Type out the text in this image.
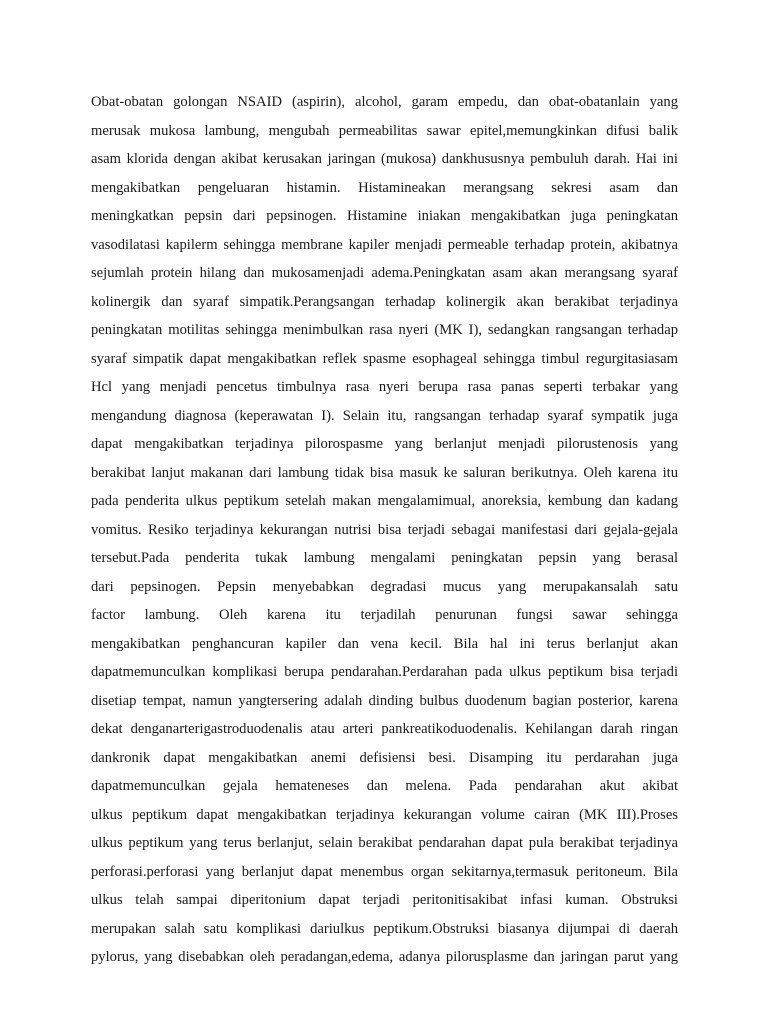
Obat-obatan golongan NSAID (aspirin), alcohol, garam empedu, dan obat-obatanlain yang
merusak mukosa lambung, mengubah permeabilitas sawar epitel,memungkinkan difusi balik
asam klorida dengan akibat kerusakan jaringan (mukosa) dankhususnya pembuluh darah. Hai ini
mengakibatkan pengeluaran histamin. Histamineakan merangsang sekresi asam dan
meningkatkan pepsin dari pepsinogen. Histamine iniakan mengakibatkan juga peningkatan
vasodilatasi kapilerm sehingga membrane kapiler menjadi permeable terhadap protein, akibatnya
sejumlah protein hilang dan mukosamenjadi adema.Peningkatan asam akan merangsang syaraf
kolinergik dan syaraf simpatik.Perangsangan terhadap kolinergik akan berakibat terjadinya
peningkatan motilitas sehingga menimbulkan rasa nyeri (MK I), sedangkan rangsangan terhadap
syaraf simpatik dapat mengakibatkan reflek spasme esophageal sehingga timbul regurgitasiasam
Hcl yang menjadi pencetus timbulnya rasa nyeri berupa rasa panas seperti terbakar yang
mengandung diagnosa (keperawatan I). Selain itu, rangsangan terhadap syaraf sympatik juga
dapat mengakibatkan terjadinya pilorospasme yang berlanjut menjadi pilorustenosis yang
berakibat lanjut makanan dari lambung tidak bisa masuk ke saluran berikutnya. Oleh karena itu
pada penderita ulkus peptikum setelah makan mengalamimual, anoreksia, kembung dan kadang
vomitus. Resiko terjadinya kekurangan nutrisi bisa terjadi sebagai manifestasi dari gejala-gejala
tersebut.Pada penderita tukak lambung mengalami peningkatan pepsin yang berasal
dari pepsinogen. Pepsin menyebabkan degradasi mucus yang merupakansalah satu
factor lambung. Oleh karena itu terjadilah penurunan fungsi sawar sehingga
mengakibatkan penghancuran kapiler dan vena kecil. Bila hal ini terus berlanjut akan
dapatmemunculkan komplikasi berupa pendarahan.Perdarahan pada ulkus peptikum bisa terjadi
disetiap tempat, namun yangtersering adalah dinding bulbus duodenum bagian posterior, karena
dekat denganarterigastroduodenalis atau arteri pankreatikoduodenalis. Kehilangan darah ringan
dankronik dapat mengakibatkan anemi defisiensi besi. Disamping itu perdarahan juga
dapatmemunculkan gejala hemateneses dan melena. Pada pendarahan akut akibat
ulkus peptikum dapat mengakibatkan terjadinya kekurangan volume cairan (MK III).Proses
ulkus peptikum yang terus berlanjut, selain berakibat pendarahan dapat pula berakibat terjadinya
perforasi.perforasi yang berlanjut dapat menembus organ sekitarnya,termasuk peritoneum. Bila
ulkus telah sampai diperitonium dapat terjadi peritonitisakibat infasi kuman. Obstruksi
merupakan salah satu komplikasi dariulkus peptikum.Obstruksi biasanya dijumpai di daerah
pylorus, yang disebabkan oleh peradangan,edema, adanya pilorusplasme dan jaringan parut yang
